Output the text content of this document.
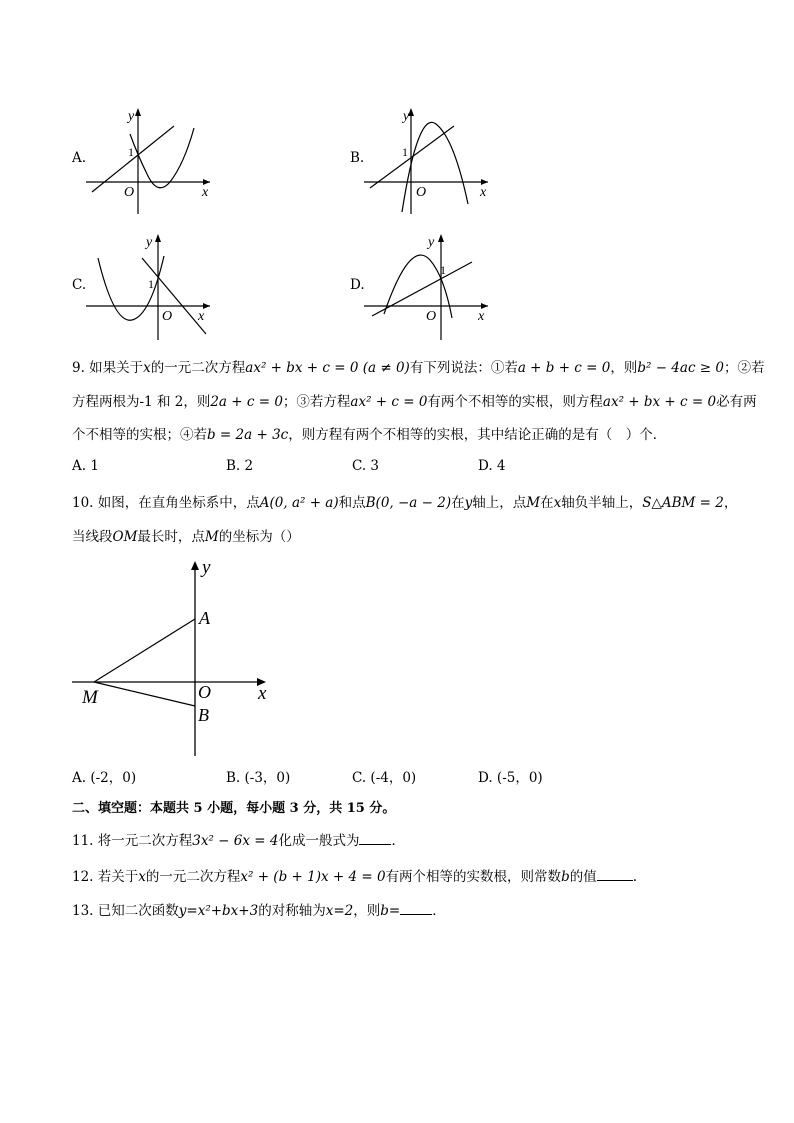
A.
y
x
O
1	B.
y
x
O
1
C.
y
x
O
1	D.
y
x
O
1
9. 如果关于x的一元二次方程ax² + bx + c = 0 (a ≠ 0)有下列说法：①若a + b + c = 0，则b² − 4ac ≥ 0；②若
方程两根为-1 和 2，则2a + c = 0；③若方程ax² + c = 0有两个不相等的实根，则方程ax² + bx + c = 0必有两
个不相等的实根；④若b = 2a + 3c，则方程有两个不相等的实根，其中结论正确的是有（　）个．
A. 1	B. 2	C. 3	D. 4
10. 如图，在直角坐标系中，点A(0, a² + a)和点B(0, −a − 2)在y轴上，点M在x轴负半轴上，S△ABM = 2，
当线段OM最长时，点M的坐标为（）
y
x
A
O
B
M
A. (-2，0)	B. (-3，0)	C. (-4，0)	D. (-5，0)
二、填空题：本题共 5 小题，每小题 3 分，共 15 分。
11. 将一元二次方程3x² − 6x = 4化成一般式为 ．
12. 若关于x的一元二次方程x² + (b + 1)x + 4 = 0有两个相等的实数根，则常数b的值	.
13. 已知二次函数y=x²+bx+3的对称轴为x=2，则b= ．
